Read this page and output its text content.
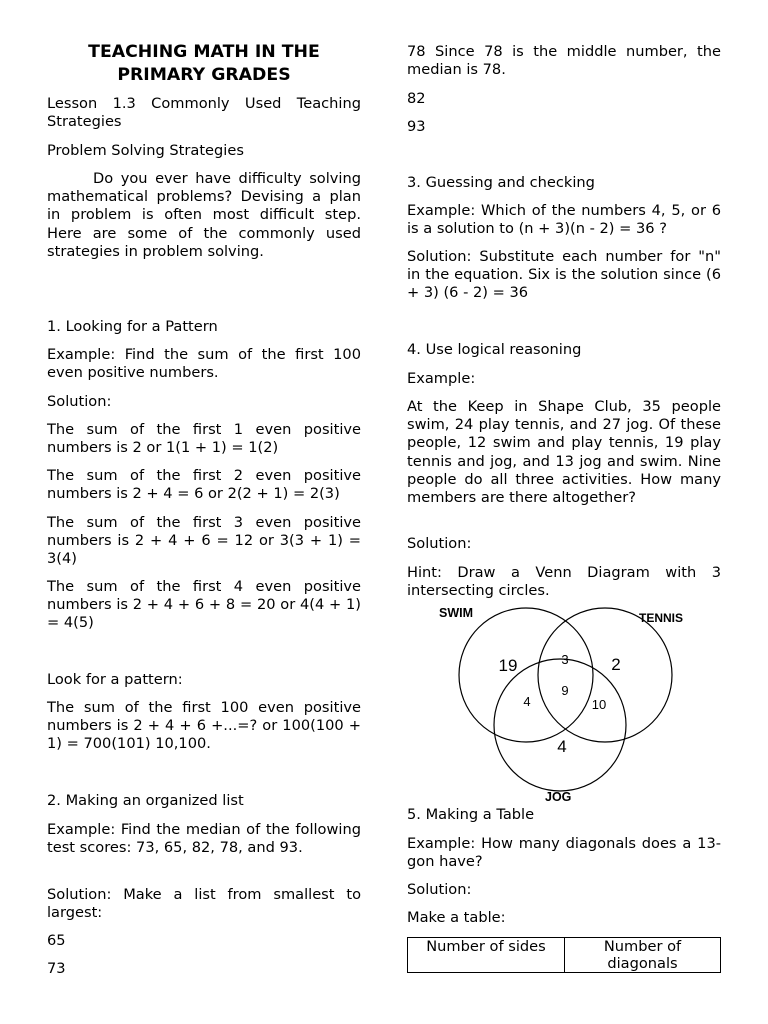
TEACHING MATH IN THE PRIMARY GRADES

Lesson 1.3 Commonly Used Teaching Strategies

Problem Solving Strategies

Do you ever have difficulty solving mathematical problems? Devising a plan in problem is often most difficult step. Here are some of the commonly used strategies in problem solving.

1. Looking for a Pattern

Example: Find the sum of the first 100 even positive numbers.

Solution:

The sum of the first 1 even positive numbers is 2 or 1(1 + 1) = 1(2)

The sum of the first 2 even positive numbers is 2 + 4 = 6 or 2(2 + 1) = 2(3)

The sum of the first 3 even positive numbers is 2 + 4 + 6 = 12 or 3(3 + 1) = 3(4)

The sum of the first 4 even positive numbers is 2 + 4 + 6 + 8 = 20 or 4(4 + 1) = 4(5)

Look for a pattern:

The sum of the first 100 even positive numbers is 2 + 4 + 6 +...=? or 100(100 + 1) = 700(101) 10,100.

2. Making an organized list

Example: Find the median of the following test scores: 73, 65, 82, 78, and 93.

Solution: Make a list from smallest to largest:

65

73

78 Since 78 is the middle number, the median is 78.

82

93

3. Guessing and checking

Example: Which of the numbers 4, 5, or 6 is a solution to (n + 3)(n - 2) = 36 ?

Solution: Substitute each number for "n" in the equation. Six is the solution since (6 + 3) (6 - 2) = 36

4. Use logical reasoning

Example:

At the Keep in Shape Club, 35 people swim, 24 play tennis, and 27 jog. Of these people, 12 swim and play tennis, 19 play tennis and jog, and 13 jog and swim. Nine people do all three activities. How many members are there altogether?

Solution:

Hint: Draw a Venn Diagram with 3 intersecting circles.

5. Making a Table

Example: How many diagonals does a 13-gon have?

Solution:

Make a table:

SWIM	TENNIS
JOG
19	2
4
3
4	10
9
Number of sides	Number of diagonals
